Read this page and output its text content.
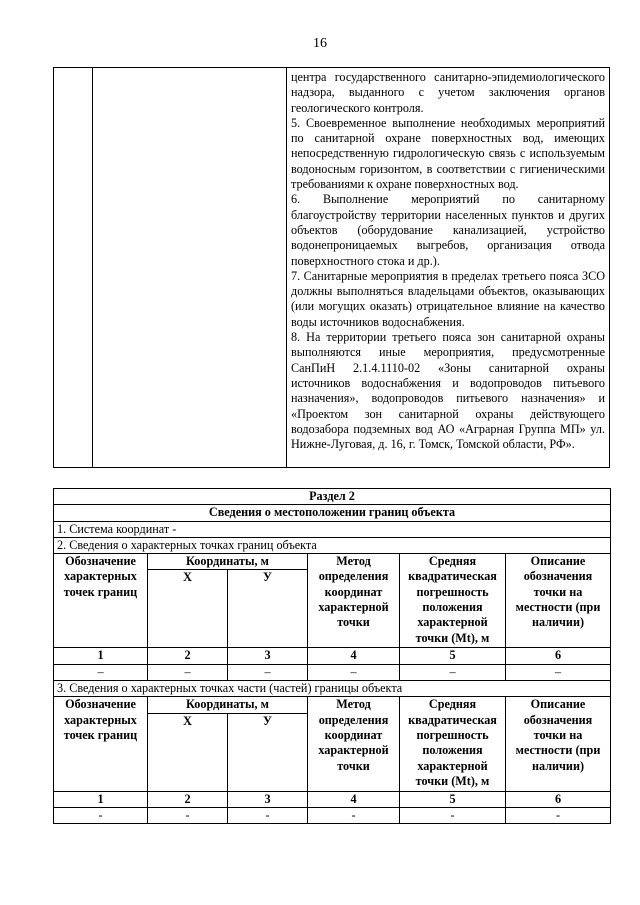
16

центра государственного санитарно-эпидемиологического надзора, выданного с учетом заключения органов геологического контроля.

5. Своевременное выполнение необходимых мероприятий по санитарной охране поверхностных вод, имеющих непосредственную гидрологическую связь с используемым водоносным горизонтом, в соответствии с гигиеническими требованиями к охране поверхностных вод.

6. Выполнение мероприятий по санитарному благоустройству территории населенных пунктов и других объектов (оборудование канализацией, устройство водонепроницаемых выгребов, организация отвода поверхностного стока и др.).

7. Санитарные мероприятия в пределах третьего пояса ЗСО должны выполняться владельцами объектов, оказывающих (или могущих оказать) отрицательное влияние на качество воды источников водоснабжения.

8. На территории третьего пояса зон санитарной охраны выполняются иные мероприятия, предусмотренные СанПиН 2.1.4.1110-02 «Зоны санитарной охраны источников водоснабжения и водопроводов питьевого назначения», водопроводов питьевого назначения» и «Проектом зон санитарной охраны действующего водозабора подземных вод АО «Аграрная Группа МП» ул. Нижне-Луговая, д. 16, г. Томск, Томской области, РФ».

Раздел 2					
Сведения о местоположении границ объекта					
1. Система координат -					
2. Сведения о характерных точках границ объекта					
Обозначение характерных точек границ	Координаты, м		Метод определения координат характерной точки	Средняя квадратическая погрешность положения характерной точки (Mt), м	Описание обозначения точки на местности (при наличии)
	Х	У			
1	2	3	4	5	6
–	–	–	–	–	–
3. Сведения о характерных точках части (частей) границы объекта					
Обозначение характерных точек границ	Координаты, м		Метод определения координат характерной точки	Средняя квадратическая погрешность положения характерной точки (Mt), м	Описание обозначения точки на местности (при наличии)
	Х	У			
1	2	3	4	5	6
-	-	-	-	-	-
